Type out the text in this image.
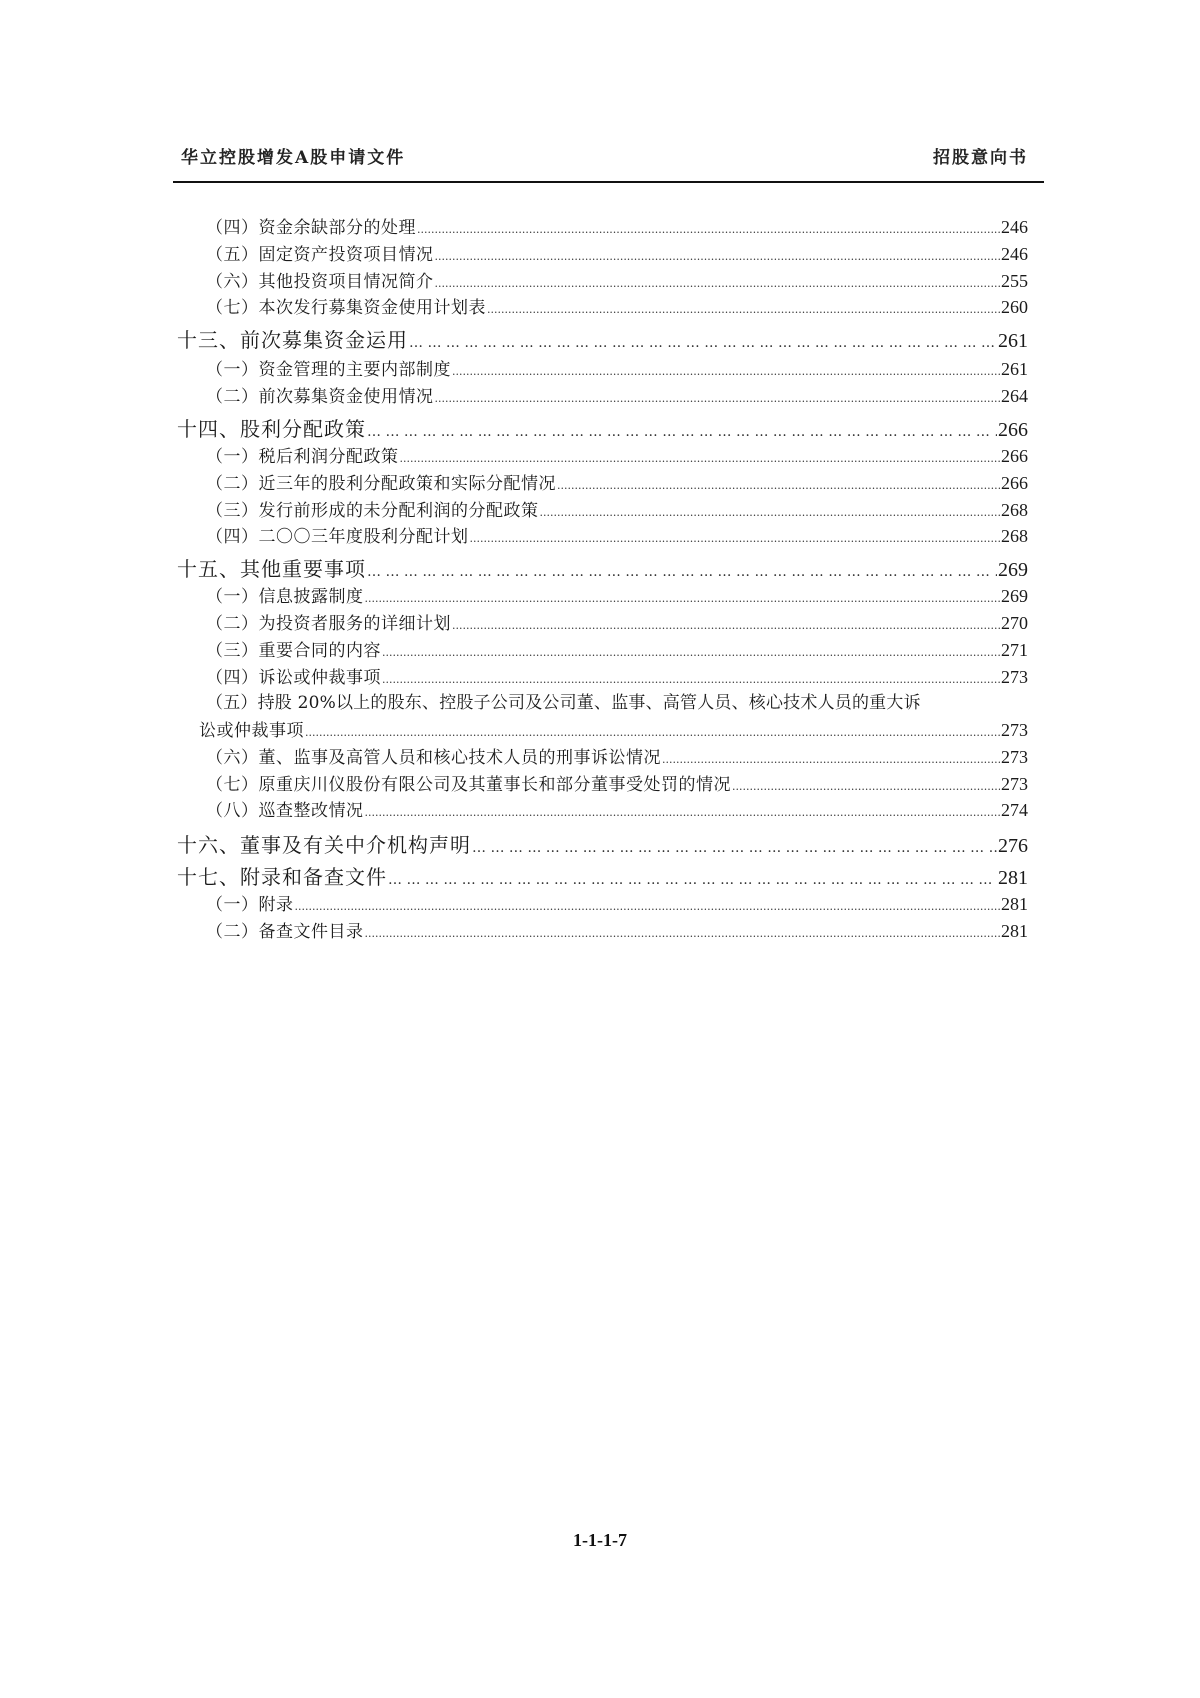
华立控股增发A股申请文件	招股意向书
（四）资金余缺部分的处理 .....	246
（五）固定资产投资项目情况 .....	246
（六）其他投资项目情况简介 .....	255
（七）本次发行募集资金使用计划表 .....	260
十三、前次募集资金运用 … … … … … … … … … … … … … … … … … … … … … … … … … … … … … … … … … … … … … … … … … … … … … … … … … …	261
（一）资金管理的主要内部制度 .....	261
（二）前次募集资金使用情况 .....	264
十四、股利分配政策 … … … … … … … … … … … … … … … … … … … … … … … … … … … … … … … … … … … … … … … … … … … … … … … … … …	266
（一）税后利润分配政策 .....	266
（二）近三年的股利分配政策和实际分配情况 .....	266
（三）发行前形成的未分配利润的分配政策 .....	268
（四）二〇〇三年度股利分配计划 .....	268
十五、其他重要事项 … … … … … … … … … … … … … … … … … … … … … … … … … … … … … … … … … … … … … … … … … … … … … … … … … …	269
（一）信息披露制度 .....	269
（二）为投资者服务的详细计划 .....	270
（三）重要合同的内容 .....	271
（四）诉讼或仲裁事项 .....	273
（五）持股 20%以上的股东、控股子公司及公司董、监事、高管人员、核心技术人员的重大诉
讼或仲裁事项 .....	273
（六）董、监事及高管人员和核心技术人员的刑事诉讼情况 .....	273
（七）原重庆川仪股份有限公司及其董事长和部分董事受处罚的情况 .....	273
（八）巡查整改情况 .....	274
十六、董事及有关中介机构声明 … … … … … … … … … … … … … … … … … … … … … … … … … … … … … … … … … … … … … … … … … … … … … … … … … …	276
十七、附录和备查文件 … … … … … … … … … … … … … … … … … … … … … … … … … … … … … … … … … … … … … … … … … … … … … … … … … …	281
（一）附录 .....	281
（二）备查文件目录 .....	281
1-1-1-7
